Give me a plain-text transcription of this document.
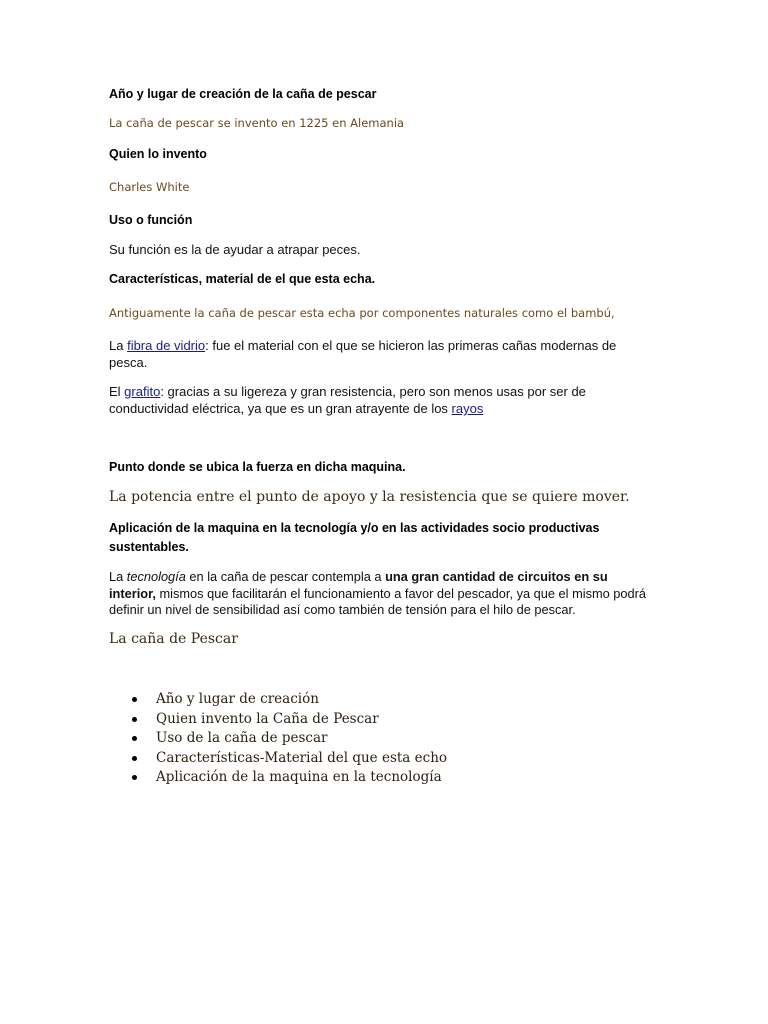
Año y lugar de creación de la caña de pescar
La caña de pescar se invento en 1225 en Alemania
Quien lo invento
Charles White
Uso o función
Su función es la de ayudar a atrapar peces.
Características, material de el que esta echa.
Antiguamente la caña de pescar esta echa por componentes naturales como el bambú,
La fibra de vidrio: fue el material con el que se hicieron las primeras cañas modernas de pesca.
El grafito: gracias a su ligereza y gran resistencia, pero son menos usas por ser de conductividad eléctrica, ya que es un gran atrayente de los rayos
Punto donde se ubica la fuerza en dicha maquina.
La potencia entre el punto de apoyo y la resistencia que se quiere mover.
Aplicación de la maquina en la tecnología y/o en las actividades socio productivas sustentables.
La tecnología en la caña de pescar contempla a una gran cantidad de circuitos en su interior, mismos que facilitarán el funcionamiento a favor del pescador, ya que el mismo podrá definir un nivel de sensibilidad así como también de tensión para el hilo de pescar.
La caña de Pescar
Año y lugar de creación
Quien invento la Caña de Pescar
Uso de la caña de pescar
Características-Material del que esta echo
Aplicación de la maquina en la tecnología
